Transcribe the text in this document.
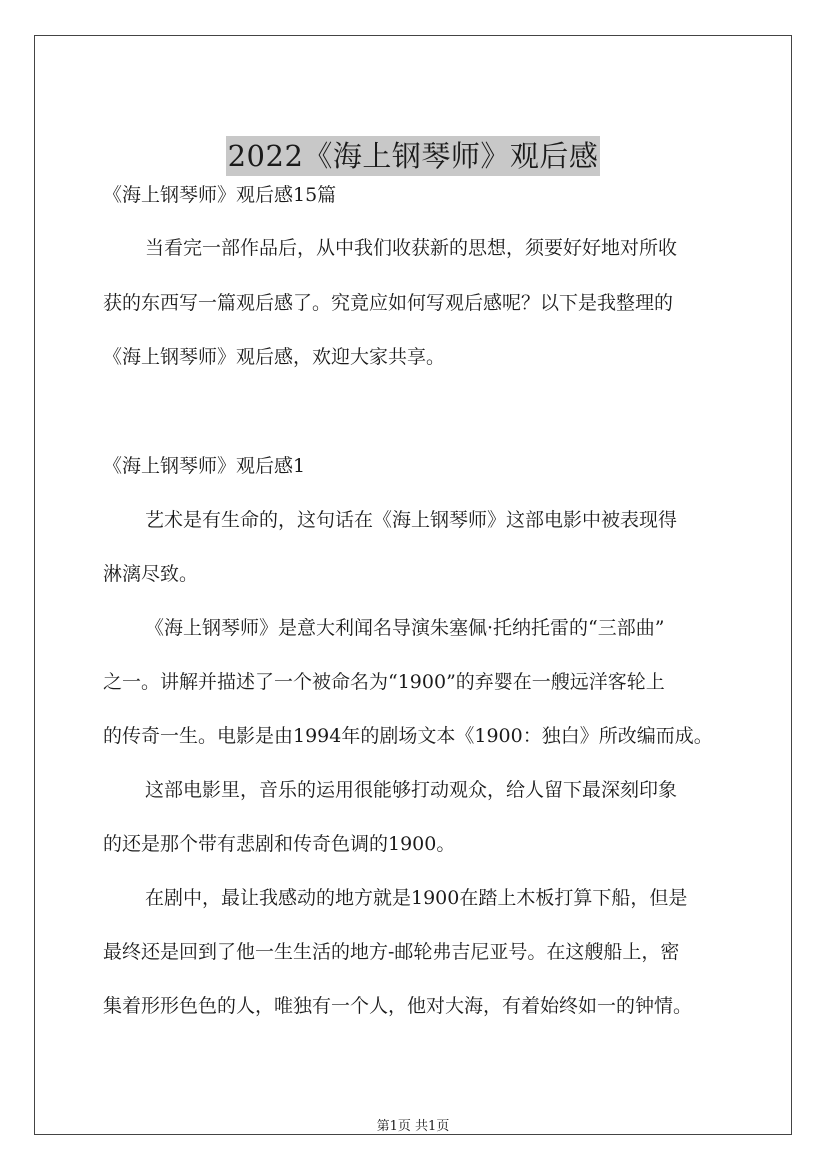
2022《海上钢琴师》观后感
《海上钢琴师》观后感15篇
当看完一部作品后，从中我们收获新的思想，须要好好地对所收
获的东西写一篇观后感了。究竟应如何写观后感呢？以下是我整理的
《海上钢琴师》观后感，欢迎大家共享。
《海上钢琴师》观后感1
艺术是有生命的，这句话在《海上钢琴师》这部电影中被表现得
淋漓尽致。
《海上钢琴师》是意大利闻名导演朱塞佩·托纳托雷的“三部曲”
之一。讲解并描述了一个被命名为“1900”的弃婴在一艘远洋客轮上
的传奇一生。电影是由1994年的剧场文本《1900：独白》所改编而成。
这部电影里，音乐的运用很能够打动观众，给人留下最深刻印象
的还是那个带有悲剧和传奇色调的1900。
在剧中，最让我感动的地方就是1900在踏上木板打算下船，但是
最终还是回到了他一生生活的地方-邮轮弗吉尼亚号。在这艘船上，密
集着形形色色的人，唯独有一个人，他对大海，有着始终如一的钟情。
第1页 共1页
